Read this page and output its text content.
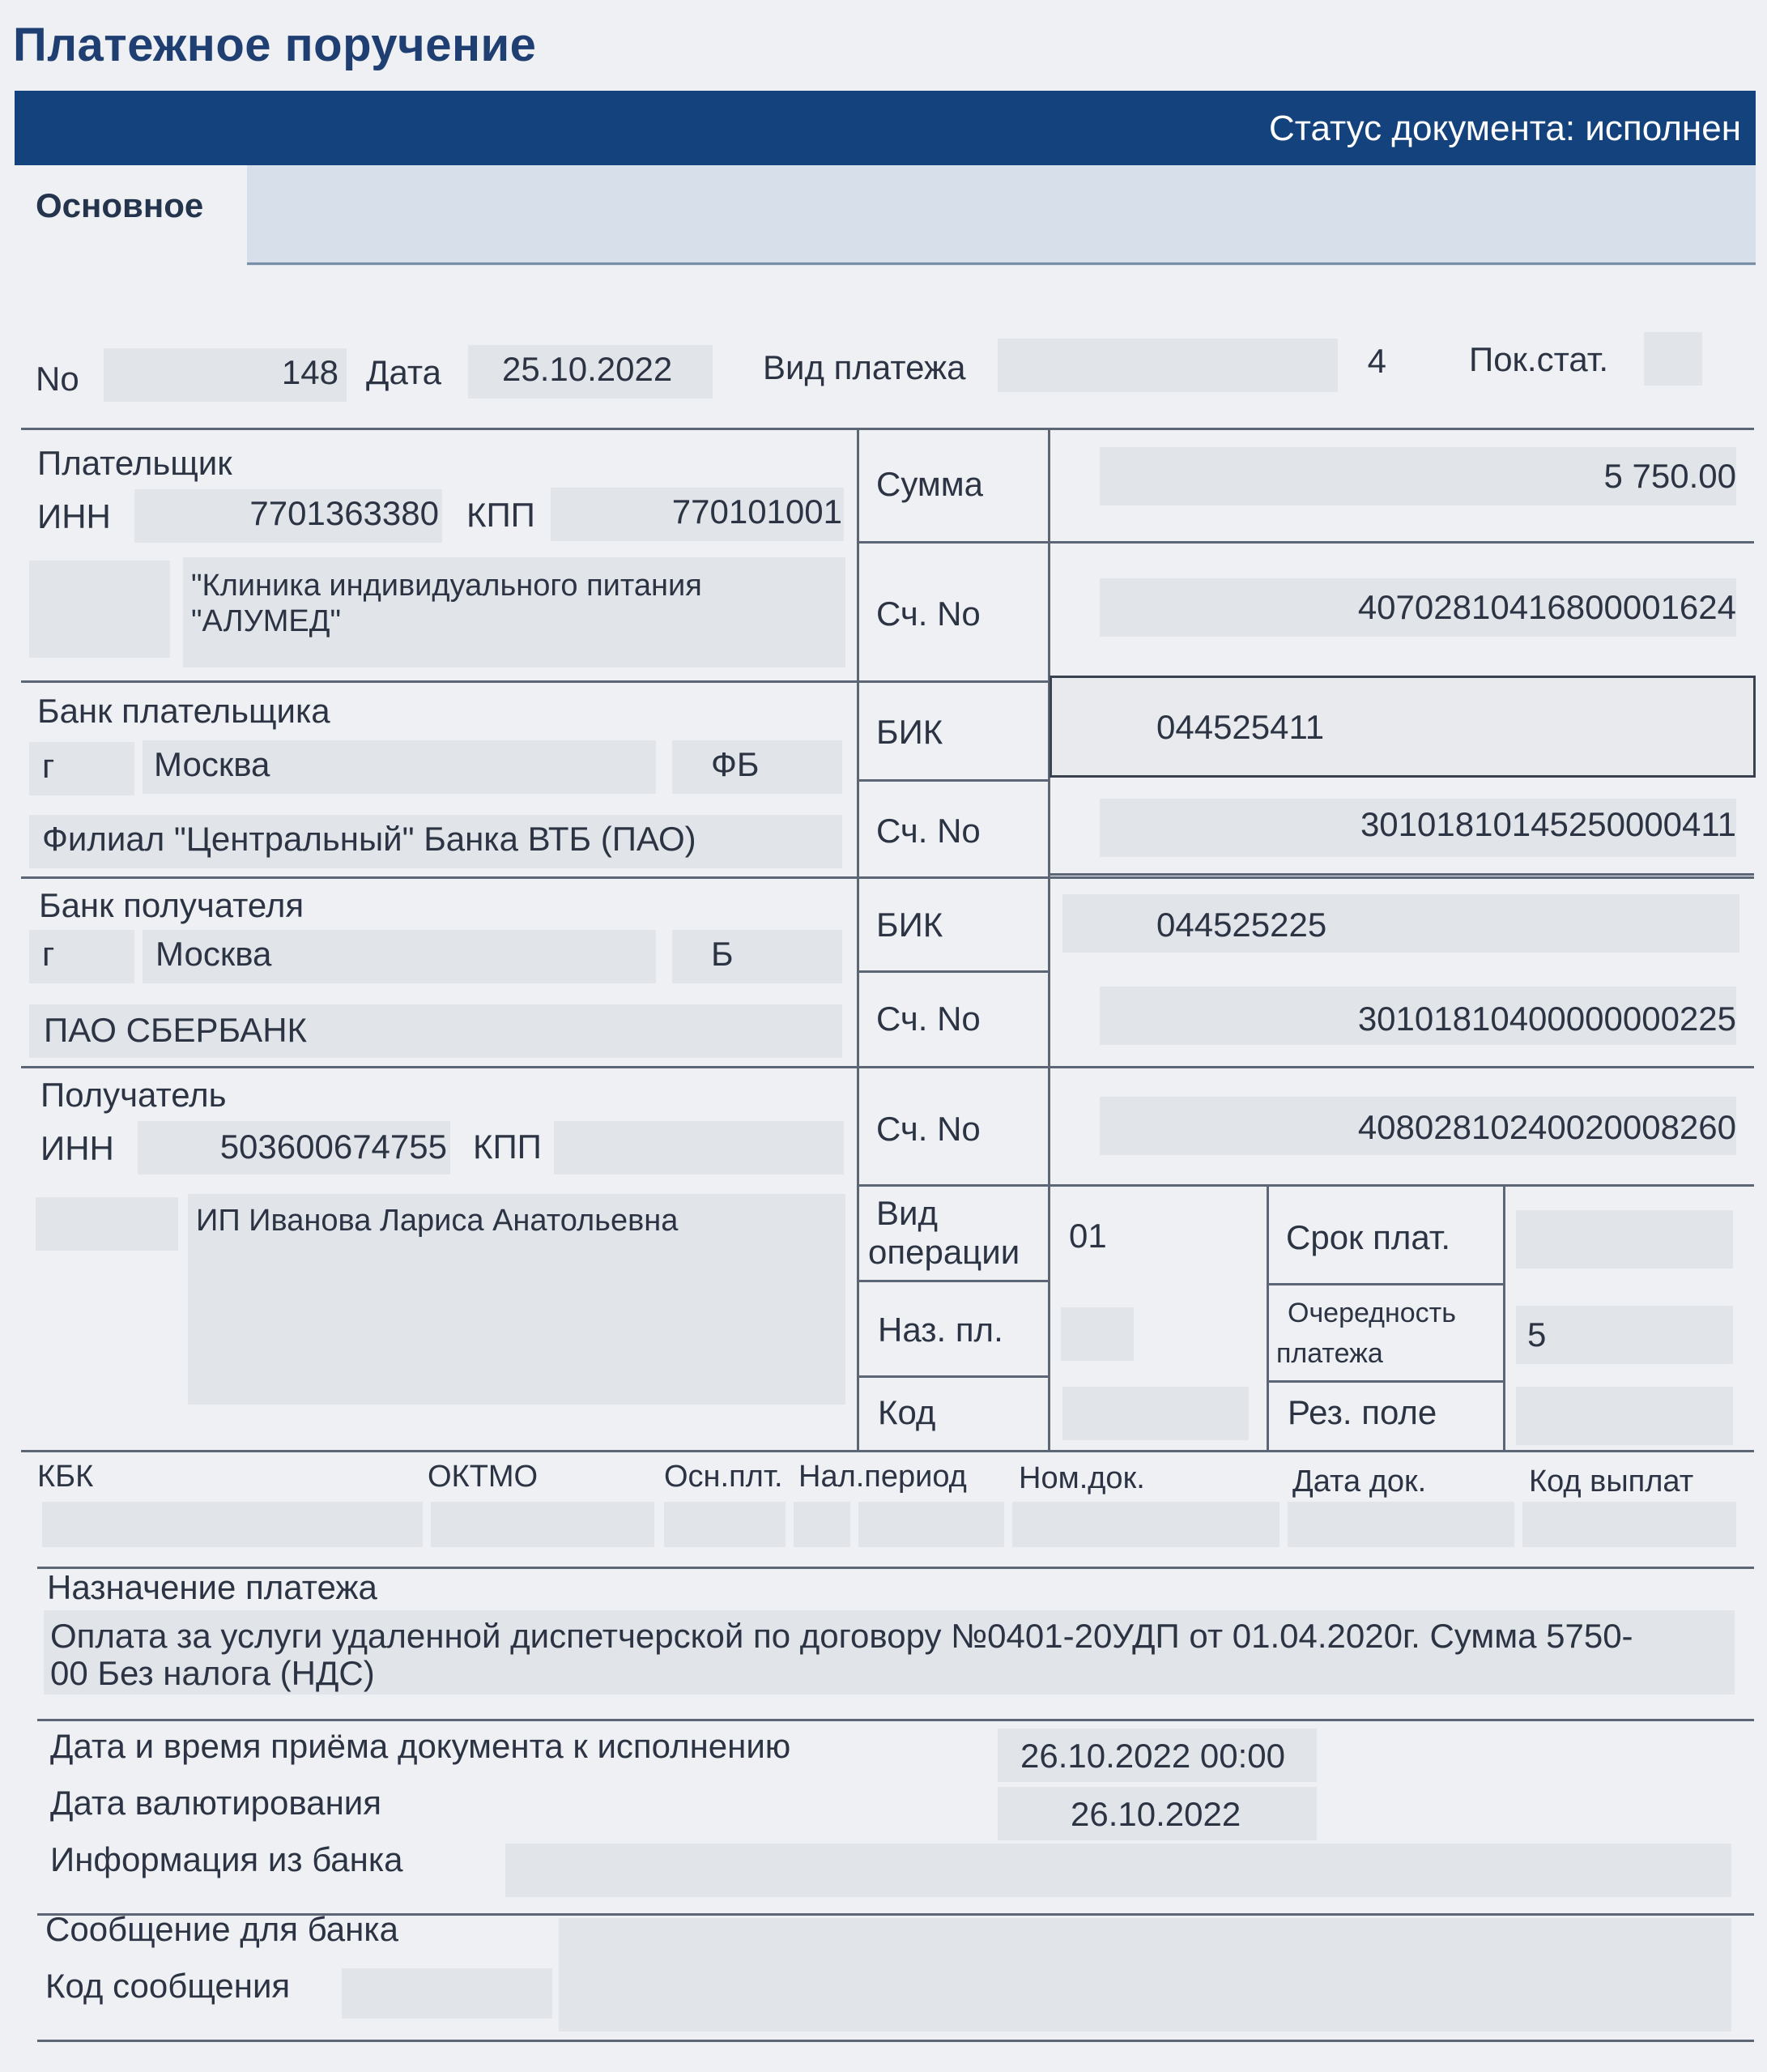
Платежное поручение
Статус документа: исполнен
Основное
No	148 Дата 25.10.2022	Вид платежа	4 Пок.стат.
Плательщик
ИНН	7701363380 КПП	770101001
"Клиника индивидуального питания
"АЛУМЕД"
Банк плательщика
г	Москва	ФБ
Филиал "Центральный" Банка ВТБ (ПАО)
Банк получателя
г	Москва	Б
ПАО СБЕРБАНК
Получатель
ИНН	503600674755 КПП
ИП Иванова Лариса Анатольевна
Сумма	5 750.00
Сч. No	40702810416800001624
БИК	044525411
Сч. No	30101810145250000411
БИК	044525225
Сч. No	30101810400000000225
Сч. No	40802810240020008260
Вид
операции 01
Наз. пл.
Код
Срок плат.
Очередность
платежа	5
Рез. поле
КБК	ОКТМО	Осн.плт. Нал.период Ном.док.	Дата док.	Код выплат
Назначение платежа
Оплата за услуги удаленной диспетчерской по договору №0401-20УДП от 01.04.2020г. Сумма 5750-
00 Без налога (НДС)
Дата и время приёма документа к исполнению	26.10.2022 00:00
Дата валютирования	26.10.2022
Информация из банка
Сообщение для банка
Код сообщения
